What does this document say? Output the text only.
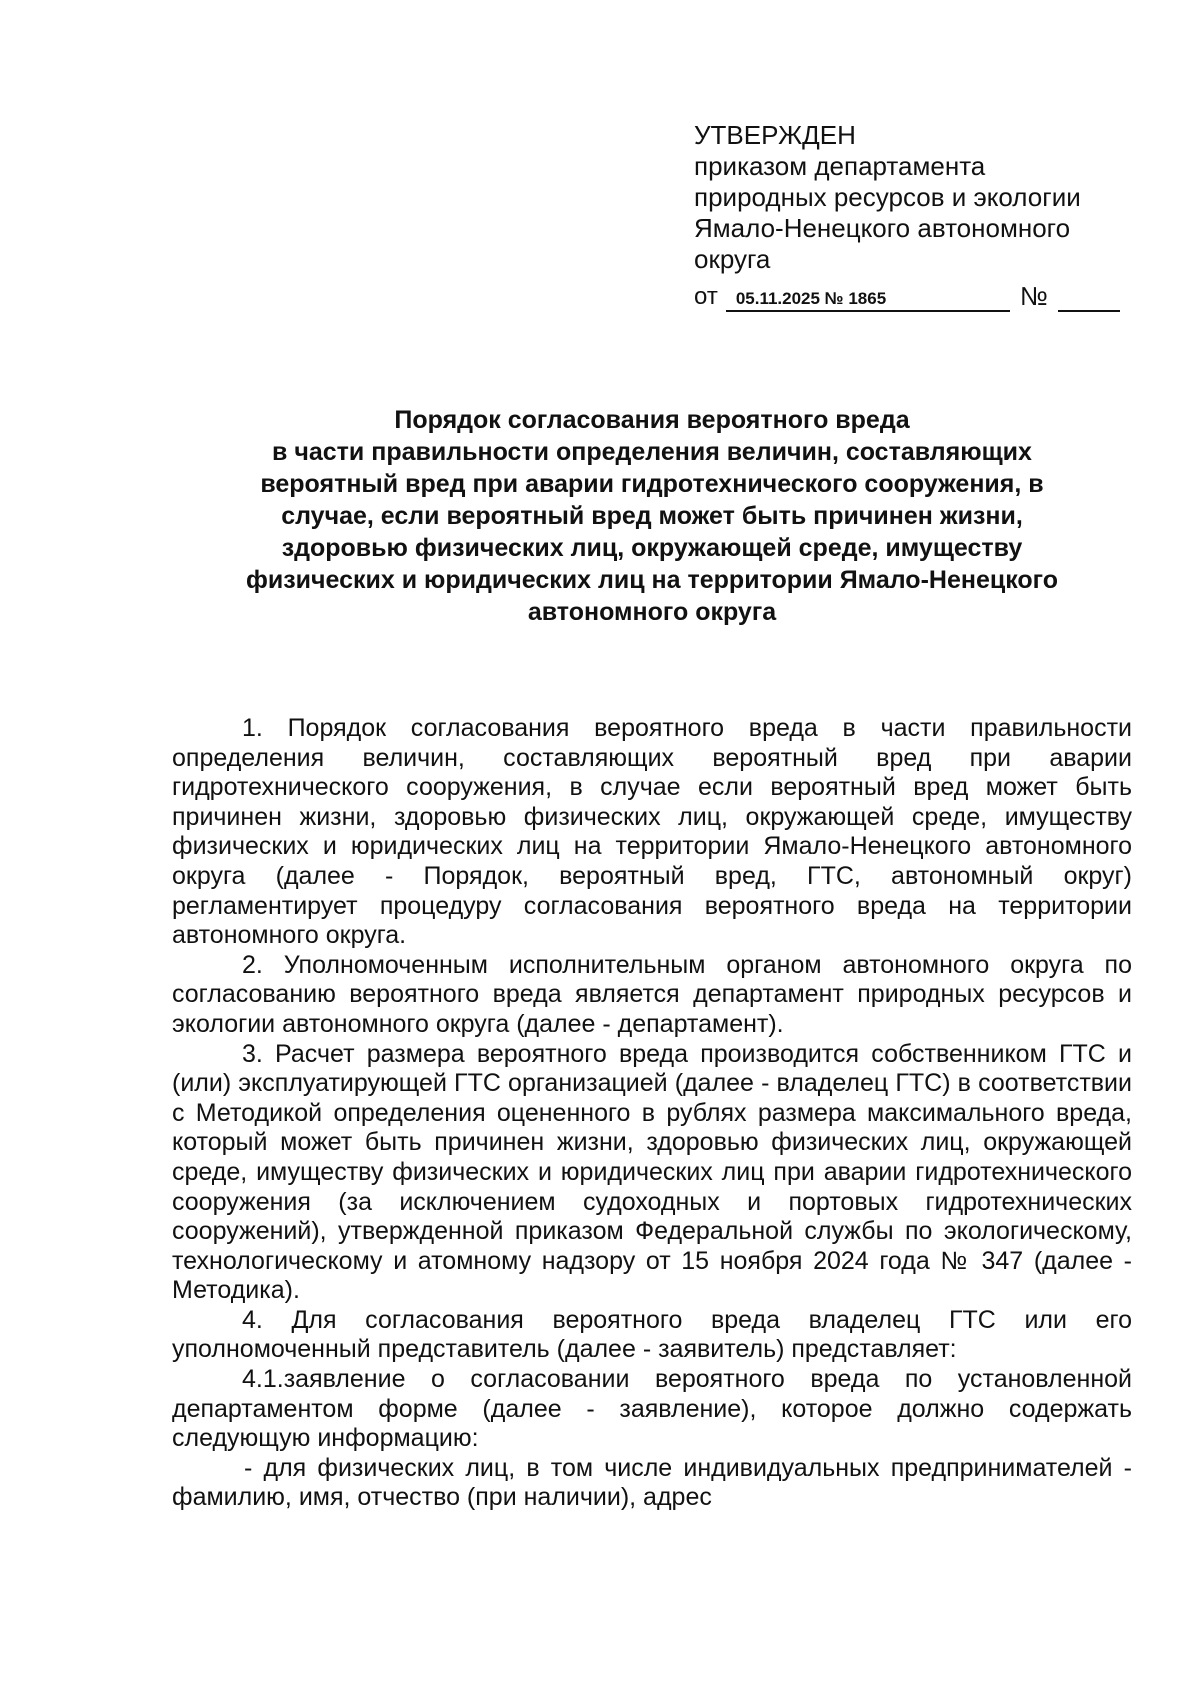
УТВЕРЖДЕН
приказом департамента
природных ресурсов и экологии
Ямало-Ненецкого автономного
округа
от	05.11.2025 № 1865	№
Порядок согласования вероятного вреда
в части правильности определения величин, составляющих
вероятный вред при аварии гидротехнического сооружения, в
случае, если вероятный вред может быть причинен жизни,
здоровью физических лиц, окружающей среде, имуществу
физических и юридических лиц на территории Ямало-Ненецкого
автономного округа

1. Порядок согласования вероятного вреда в части правильности определения величин, составляющих вероятный вред при аварии гидротехнического сооружения, в случае если вероятный вред может быть причинен жизни, здоровью физических лиц, окружающей среде, имуществу физических и юридических лиц на территории Ямало-Ненецкого автономного округа (далее - Порядок, вероятный вред, ГТС, автономный округ) регламентирует процедуру согласования вероятного вреда на территории автономного округа.

2. Уполномоченным исполнительным органом автономного округа по согласованию вероятного вреда является департамент природных ресурсов и экологии автономного округа (далее - департамент).

3. Расчет размера вероятного вреда производится собственником ГТС и (или) эксплуатирующей ГТС организацией (далее - владелец ГТС) в соответствии с Методикой определения оцененного в рублях размера максимального вреда, который может быть причинен жизни, здоровью физических лиц, окружающей среде, имуществу физических и юридических лиц при аварии гидротехнического сооружения (за исключением судоходных и портовых гидротехнических сооружений), утвержденной приказом Федеральной службы по экологическому, технологическому и атомному надзору от 15 ноября 2024 года № 347 (далее - Методика).

4. Для согласования вероятного вреда владелец ГТС или его уполномоченный представитель (далее - заявитель) представляет:

4.1.заявление о согласовании вероятного вреда по установленной департаментом форме (далее - заявление), которое должно содержать следующую информацию:

- для физических лиц, в том числе индивидуальных предпринимателей - фамилию, имя, отчество (при наличии), адрес
